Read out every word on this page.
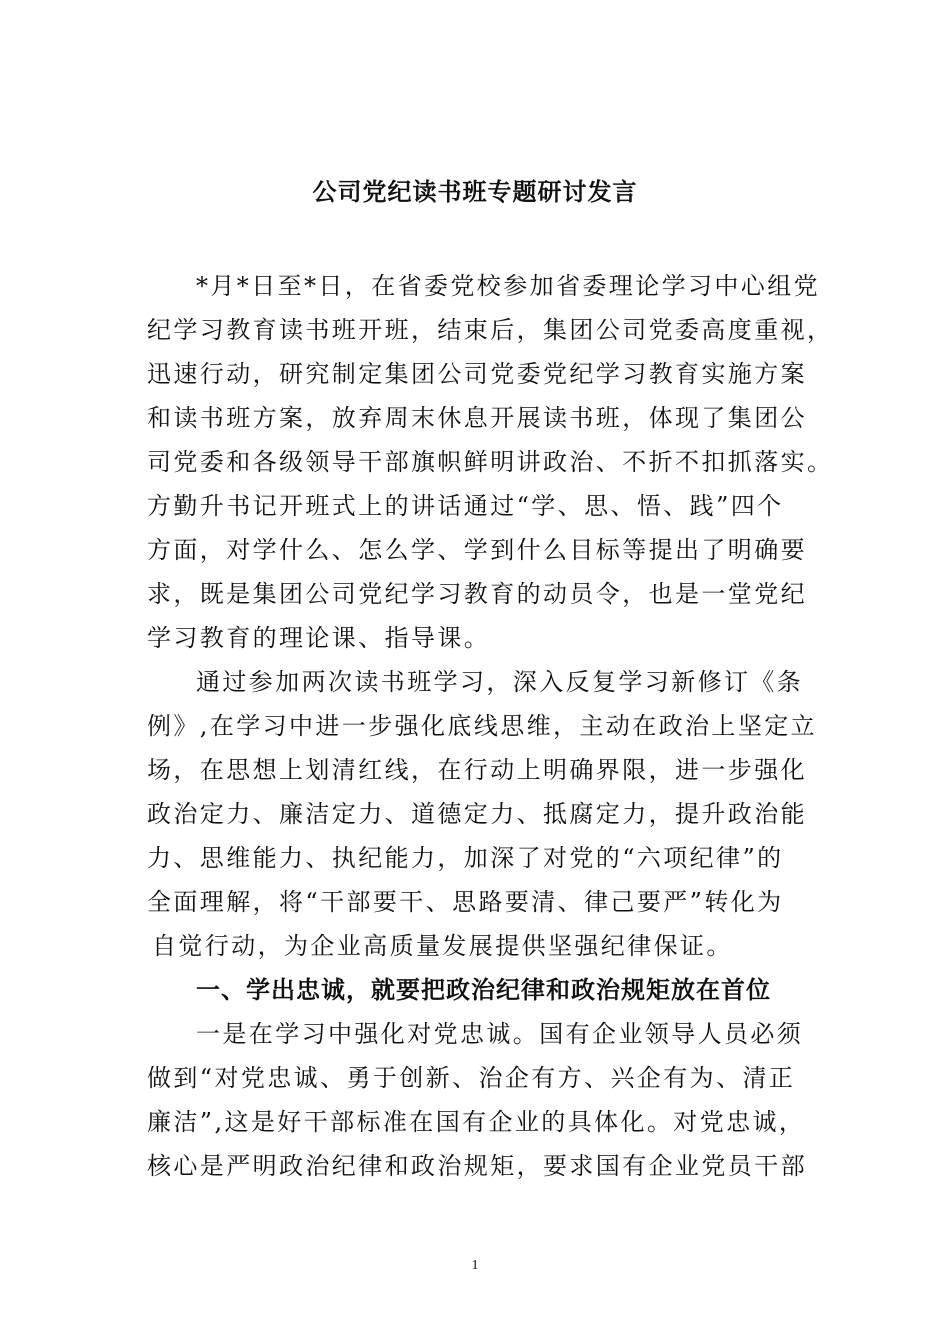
公司党纪读书班专题研讨发言

*月*日至*日，在省委党校参加省委理论学习中心组党

纪学习教育读书班开班，结束后，集团公司党委高度重视，

迅速行动，研究制定集团公司党委党纪学习教育实施方案

和读书班方案，放弃周末休息开展读书班，体现了集团公

司党委和各级领导干部旗帜鲜明讲政治、不折不扣抓落实。

方勤升书记开班式上的讲话通过“学、思、悟、践”四个

方面，对学什么、怎么学、学到什么目标等提出了明确要

求，既是集团公司党纪学习教育的动员令，也是一堂党纪

学习教育的理论课、指导课。

通过参加两次读书班学习，深入反复学习新修订《条

例》,在学习中进一步强化底线思维，主动在政治上坚定立

场，在思想上划清红线，在行动上明确界限，进一步强化

政治定力、廉洁定力、道德定力、抵腐定力，提升政治能

力、思维能力、执纪能力，加深了对党的“六项纪律”的

全面理解，将“干部要干、思路要清、律己要严”转化为

自觉行动，为企业高质量发展提供坚强纪律保证。

一、学出忠诚，就要把政治纪律和政治规矩放在首位

一是在学习中强化对党忠诚。国有企业领导人员必须

做到“对党忠诚、勇于创新、治企有方、兴企有为、清正

廉洁”,这是好干部标准在国有企业的具体化。对党忠诚，

核心是严明政治纪律和政治规矩，要求国有企业党员干部

1
